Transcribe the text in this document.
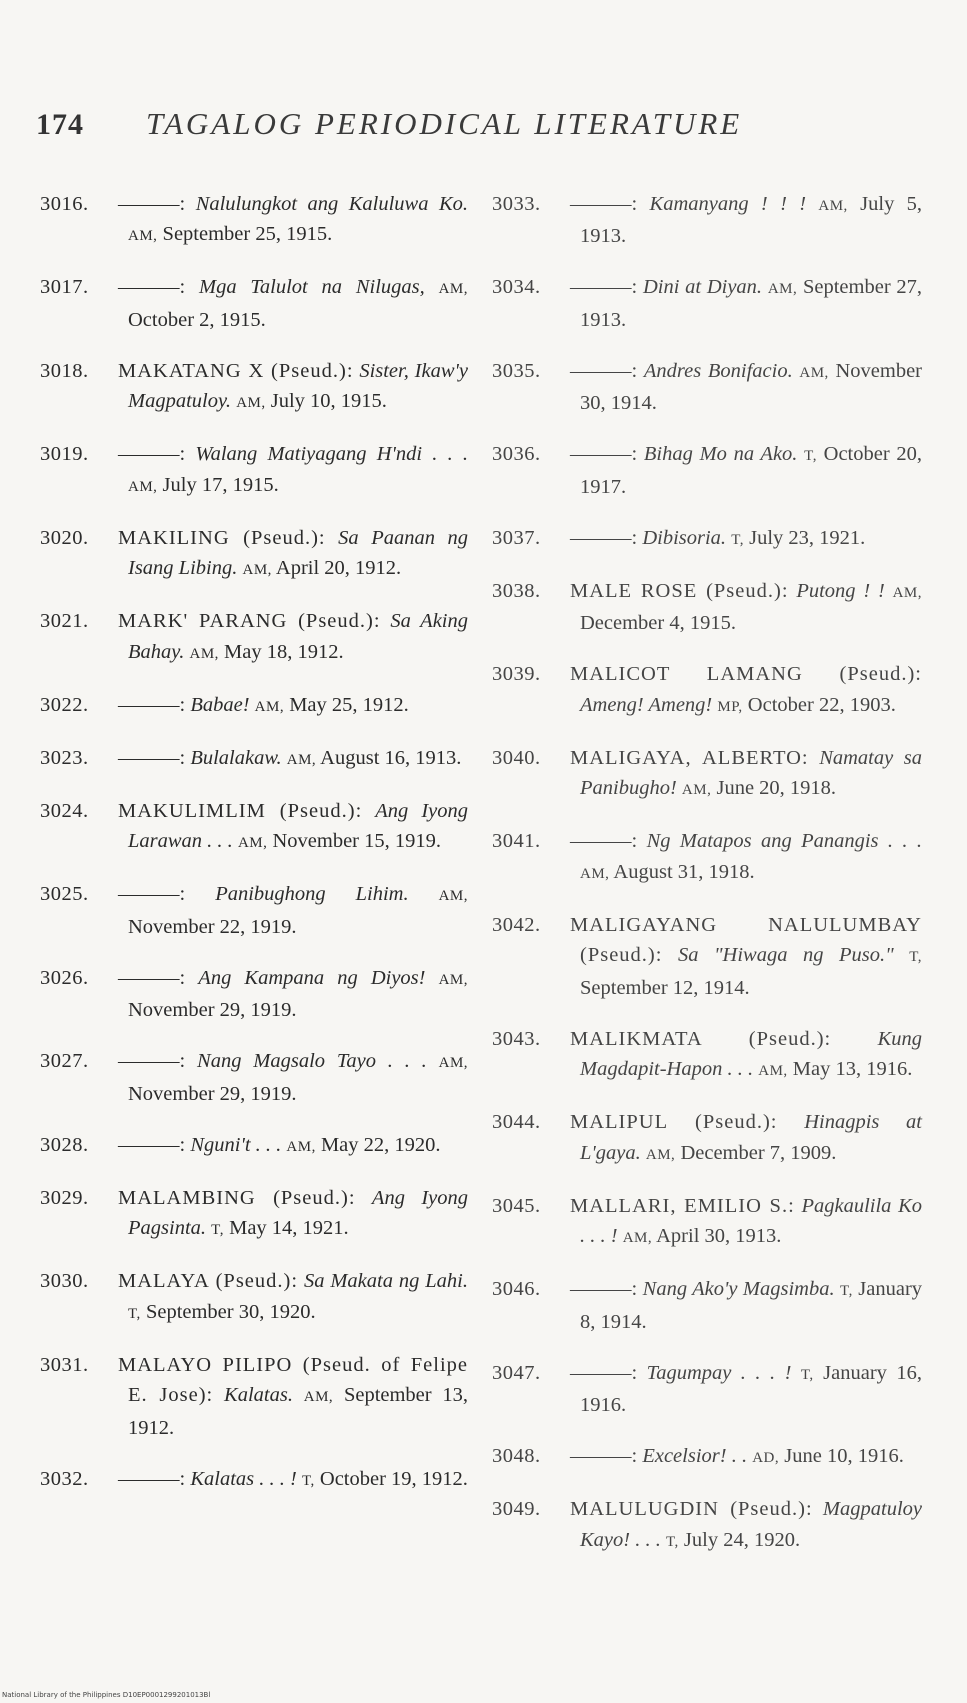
174 TAGALOG PERIODICAL LITERATURE

3016. ———: Nalulungkot ang Kaluluwa Ko. AM, September 25, 1915.

3017. ———: Mga Talulot na Nilugas, AM, October 2, 1915.

3018. MAKATANG X (Pseud.): Sister, Ikaw'y Magpatuloy. AM, July 10, 1915.

3019. ———: Walang Matiyagang H'ndi . . . AM, July 17, 1915.

3020. MAKILING (Pseud.): Sa Paanan ng Isang Libing. AM, April 20, 1912.

3021. MARK' PARANG (Pseud.): Sa Aking Bahay. AM, May 18, 1912.

3022. ———: Babae! AM, May 25, 1912.

3023. ———: Bulalakaw. AM, August 16, 1913.

3024. MAKULIMLIM (Pseud.): Ang Iyong Larawan . . . AM, November 15, 1919.

3025. ———: Panibughong Lihim. AM, November 22, 1919.

3026. ———: Ang Kampana ng Diyos! AM, November 29, 1919.

3027. ———: Nang Magsalo Tayo . . . AM, November 29, 1919.

3028. ———: Nguni't . . . AM, May 22, 1920.

3029. MALAMBING (Pseud.): Ang Iyong Pagsinta. T, May 14, 1921.

3030. MALAYA (Pseud.): Sa Makata ng Lahi. T, September 30, 1920.

3031. MALAYO PILIPO (Pseud. of Felipe E. Jose): Kalatas. AM, September 13, 1912.

3032. ———: Kalatas . . . ! T, October 19, 1912.

3033. ———: Kamanyang ! ! ! AM, July 5, 1913.

3034. ———: Dini at Diyan. AM, September 27, 1913.

3035. ———: Andres Bonifacio. AM, November 30, 1914.

3036. ———: Bihag Mo na Ako. T, October 20, 1917.

3037. ———: Dibisoria. T, July 23, 1921.

3038. MALE ROSE (Pseud.): Putong ! ! AM, December 4, 1915.

3039. MALICOT LAMANG (Pseud.): Ameng! Ameng! MP, October 22, 1903.

3040. MALIGAYA, ALBERTO: Namatay sa Panibugho! AM, June 20, 1918.

3041. ———: Ng Matapos ang Panangis . . . AM, August 31, 1918.

3042. MALIGAYANG NALULUMBAY (Pseud.): Sa "Hiwaga ng Puso." T, September 12, 1914.

3043. MALIKMATA (Pseud.): Kung Magdapit-Hapon . . . AM, May 13, 1916.

3044. MALIPUL (Pseud.): Hinagpis at L'gaya. AM, December 7, 1909.

3045. MALLARI, EMILIO S.: Pagkaulila Ko . . . ! AM, April 30, 1913.

3046. ———: Nang Ako'y Magsimba. T, January 8, 1914.

3047. ———: Tagumpay . . . ! T, January 16, 1916.

3048. ———: Excelsior! . . AD, June 10, 1916.

3049. MALULUGDIN (Pseud.): Magpatuloy Kayo! . . . T, July 24, 1920.

National Library of the Philippines D10EP0001299201013Bl
